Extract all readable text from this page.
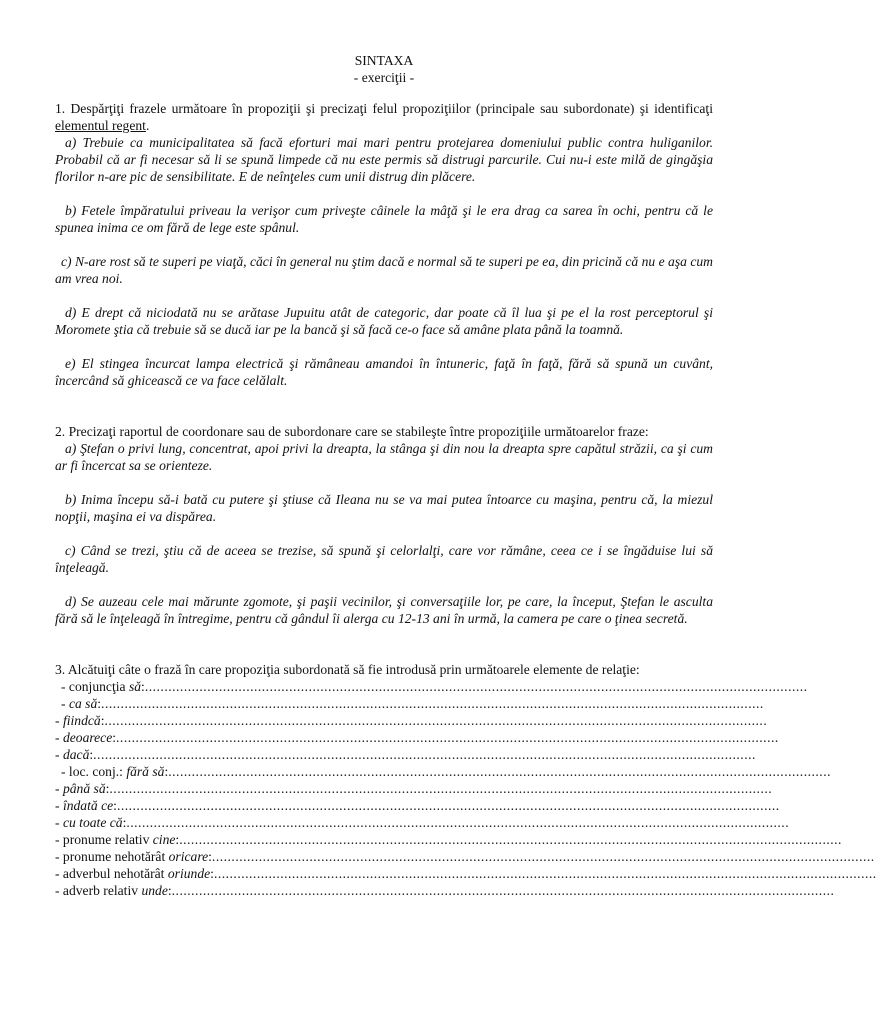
SINTAXA
- exerciţii -

1. Despărţiţi frazele următoare în propoziţii şi precizaţi felul propoziţiilor (principale sau subordonate) şi identificaţi elementul regent.

a) Trebuie ca municipalitatea să facă eforturi mai mari pentru protejarea domeniului public contra huliganilor. Probabil că ar fi necesar să li se spună limpede că nu este permis să distrugi parcurile. Cui nu-i este milă de gingăşia florilor n-are pic de sensibilitate. E de neînţeles cum unii distrug din plăcere.

b) Fetele împăratului priveau la verişor cum priveşte câinele la mâţă şi le era drag ca sarea în ochi, pentru că le spunea inima ce om fără de lege este spânul.

c) N-are rost să te superi pe viaţă, căci în general nu ştim dacă e normal să te superi pe ea, din pricină că nu e aşa cum am vrea noi.

d) E drept că niciodată nu se arătase Jupuitu atât de categoric, dar poate că îl lua şi pe el la rost perceptorul şi Moromete ştia că trebuie să se ducă iar pe la bancă şi să facă ce-o face să amâne plata până la toamnă.

e) El stingea încurcat lampa electrică şi rămâneau amandoi în întuneric, faţă în faţă, fără să spună un cuvânt, încercând să ghicească ce va face celălalt.

2. Precizaţi raportul de coordonare sau de subordonare care se stabileşte între propoziţiile următoarelor fraze:

a) Ştefan o privi lung, concentrat, apoi privi la dreapta, la stânga şi din nou la dreapta spre capătul străzii, ca şi cum ar fi încercat sa se orienteze.

b) Inima începu să-i bată cu putere şi ştiuse că Ileana nu se va mai putea întoarce cu maşina, pentru că, la miezul nopţii, maşina ei va dispărea.

c) Când se trezi, ştiu că de aceea se trezise, să spună şi celorlalţi, care vor rămâne, ceea ce i se îngăduise lui să înţeleagă.

d) Se auzeau cele mai mărunte zgomote, şi paşii vecinilor, şi conversaţiile lor, pe care, la început, Ştefan le asculta fără să le înţeleagă în întregime, pentru că gândul îi alerga cu 12-13 ani în urmă, la camera pe care o ţinea secretă.

3. Alcătuiţi câte o frază în care propoziţia subordonată să fie introdusă prin următoarele elemente de relaţie:

- conjuncţia să: ..........................................................................................................................................................................
- ca să: ..........................................................................................................................................................................
- fiindcă: ..........................................................................................................................................................................
- deoarece: ..........................................................................................................................................................................
- dacă: ..........................................................................................................................................................................
- loc. conj.: fără să: ..........................................................................................................................................................................
- până să: ..........................................................................................................................................................................
- îndată ce: ..........................................................................................................................................................................
- cu toate că: ..........................................................................................................................................................................
- pronume relativ cine: ..........................................................................................................................................................................
- pronume nehotărât oricare: ..........................................................................................................................................................................
- adverbul nehotărât oriunde: ..........................................................................................................................................................................
- adverb relativ unde: ..........................................................................................................................................................................
